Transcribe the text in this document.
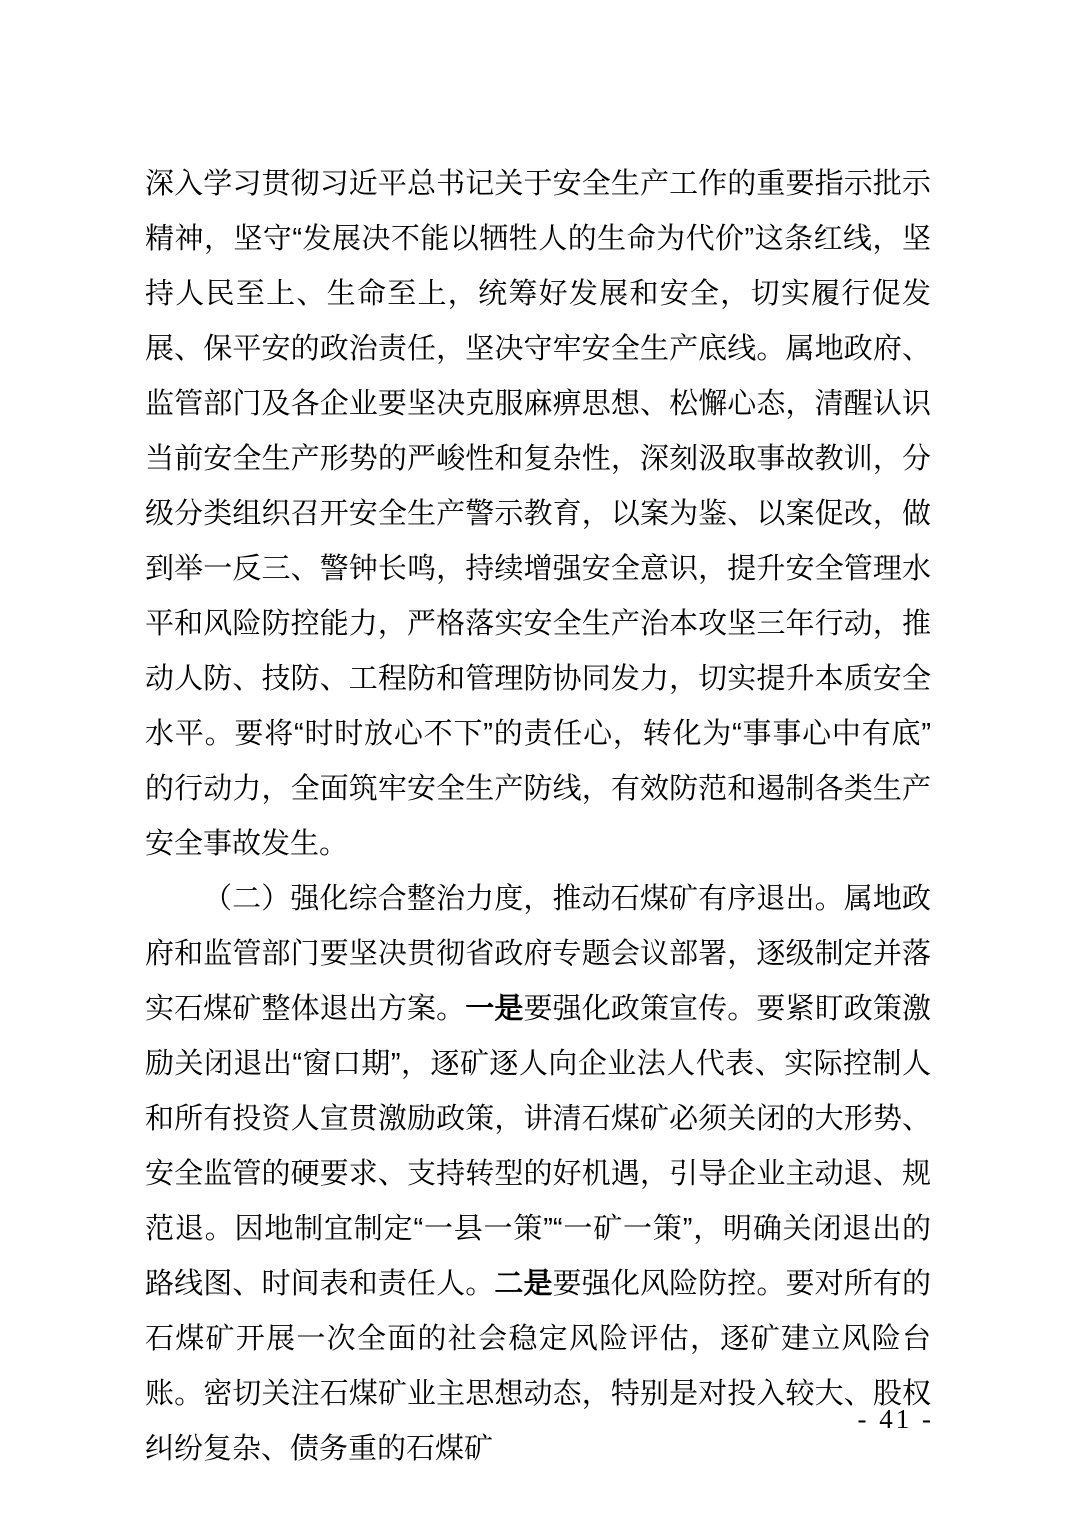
深入学习贯彻习近平总书记关于安全生产工作的重要指示批示精神，坚守“发展决不能以牺牲人的生命为代价”这条红线，坚持人民至上、生命至上，统筹好发展和安全，切实履行促发展、保平安的政治责任，坚决守牢安全生产底线。属地政府、监管部门及各企业要坚决克服麻痹思想、松懈心态，清醒认识当前安全生产形势的严峻性和复杂性，深刻汲取事故教训，分级分类组织召开安全生产警示教育，以案为鉴、以案促改，做到举一反三、警钟长鸣，持续增强安全意识，提升安全管理水平和风险防控能力，严格落实安全生产治本攻坚三年行动，推动人防、技防、工程防和管理防协同发力，切实提升本质安全水平。要将“时时放心不下”的责任心，转化为“事事心中有底”的行动力，全面筑牢安全生产防线，有效防范和遏制各类生产安全事故发生。

（二）强化综合整治力度，推动石煤矿有序退出。属地政府和监管部门要坚决贯彻省政府专题会议部署，逐级制定并落实石煤矿整体退出方案。一是要强化政策宣传。要紧盯政策激励关闭退出“窗口期”，逐矿逐人向企业法人代表、实际控制人和所有投资人宣贯激励政策，讲清石煤矿必须关闭的大形势、安全监管的硬要求、支持转型的好机遇，引导企业主动退、规范退。因地制宜制定“一县一策”“一矿一策”，明确关闭退出的路线图、时间表和责任人。二是要强化风险防控。要对所有的石煤矿开展一次全面的社会稳定风险评估，逐矿建立风险台账。密切关注石煤矿业主思想动态，特别是对投入较大、股权纠纷复杂、债务重的石煤矿

- 41 -
